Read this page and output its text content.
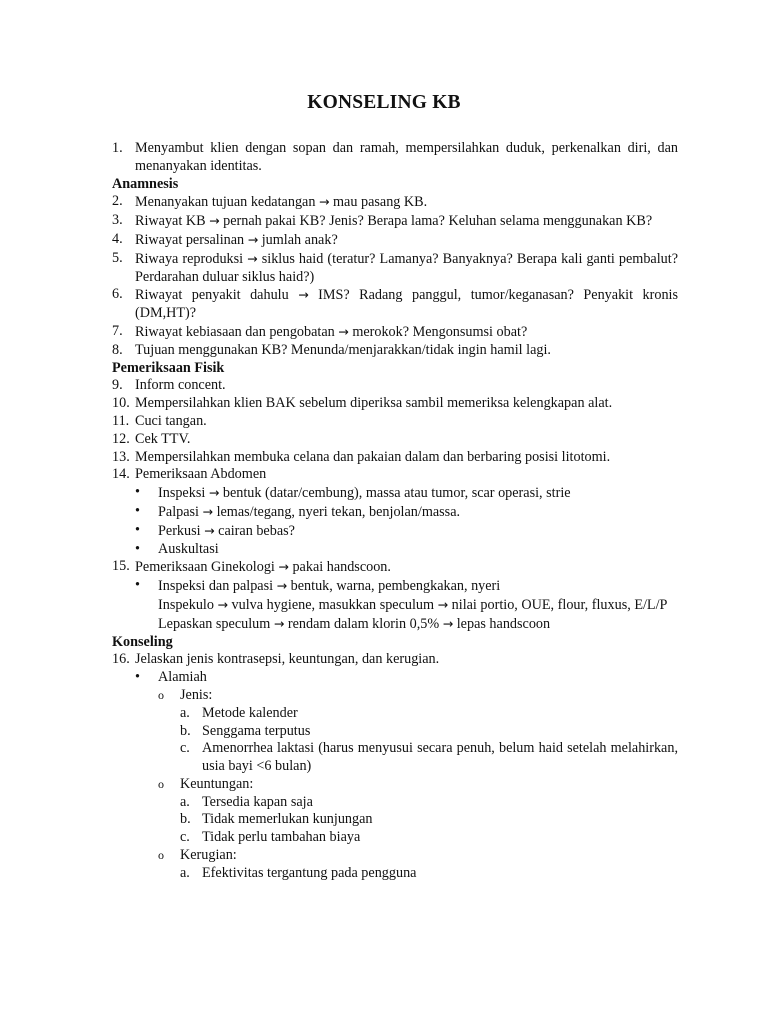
KONSELING KB
1. Menyambut klien dengan sopan dan ramah, mempersilahkan duduk, perkenalkan diri, dan menanyakan identitas.
Anamnesis
2. Menanyakan tujuan kedatangan → mau pasang KB.
3. Riwayat KB → pernah pakai KB? Jenis? Berapa lama? Keluhan selama menggunakan KB?
4. Riwayat persalinan → jumlah anak?
5. Riwaya reproduksi → siklus haid (teratur? Lamanya? Banyaknya? Berapa kali ganti pembalut? Perdarahan duluar siklus haid?)
6. Riwayat penyakit dahulu → IMS? Radang panggul, tumor/keganasan? Penyakit kronis (DM,HT)?
7. Riwayat kebiasaan dan pengobatan → merokok? Mengonsumsi obat?
8. Tujuan menggunakan KB? Menunda/menjarakkan/tidak ingin hamil lagi.
Pemeriksaan Fisik
9. Inform concent.
10. Mempersilahkan klien BAK sebelum diperiksa sambil memeriksa kelengkapan alat.
11. Cuci tangan.
12. Cek TTV.
13. Mempersilahkan membuka celana dan pakaian dalam dan berbaring posisi litotomi.
14. Pemeriksaan Abdomen
•	Inspeksi → bentuk (datar/cembung), massa atau tumor, scar operasi, strie
•	Palpasi → lemas/tegang, nyeri tekan, benjolan/massa.
•	Perkusi → cairan bebas?
•	Auskultasi
15. Pemeriksaan Ginekologi → pakai handscoon.
•	Inspeksi dan palpasi → bentuk, warna, pembengkakan, nyeri
Inspekulo → vulva hygiene, masukkan speculum → nilai portio, OUE, flour, fluxus, E/L/P
Lepaskan speculum → rendam dalam klorin 0,5% → lepas handscoon
Konseling
16. Jelaskan jenis kontrasepsi, keuntungan, dan kerugian.
•	Alamiah
o Jenis:
a. Metode kalender
b. Senggama terputus
c. Amenorrhea laktasi (harus menyusui secara penuh, belum haid setelah melahirkan, usia bayi <6 bulan)
o Keuntungan:
a. Tersedia kapan saja
b. Tidak memerlukan kunjungan
c. Tidak perlu tambahan biaya
o Kerugian:
a. Efektivitas tergantung pada pengguna
